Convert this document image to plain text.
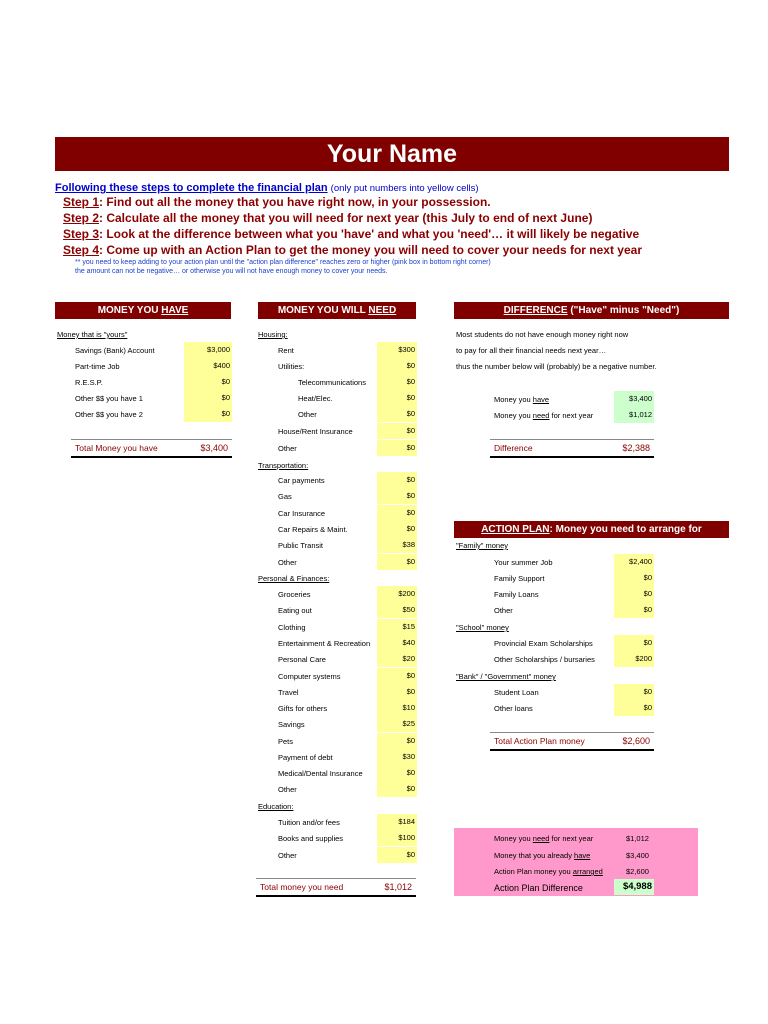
Your Name
Following these steps to complete the financial plan (only put numbers into yellow cells)
Step 1: Find out all the money that you have right now, in your possession.
Step 2: Calculate all the money that you will need for next year (this July to end of next June)
Step 3: Look at the difference between what you 'have' and what you 'need'… it will likely be negative
Step 4: Come up with an Action Plan to get the money you will need to cover your needs for next year
** you need to keep adding to your action plan until the "action plan difference" reaches zero or higher (pink box in bottom right corner)
the amount can not be negative… or otherwise you will not have enough money to cover your needs.
MONEY YOU HAVE
Money that is "yours"
Savings (Bank) Account	$3,000
Part-time Job	$400
R.E.S.P.	$0
Other $$ you have 1	$0
Other $$ you have 2	$0
Total Money you have	$3,400
MONEY YOU WILL NEED
Housing:
Rent	$300
Utilities:	$0
Telecommunications	$0
Heat/Elec.	$0
Other	$0
House/Rent Insurance	$0
Other	$0
Transportation:
Car payments	$0
Gas	$0
Car Insurance	$0
Car Repairs & Maint.	$0
Public Transit	$38
Other	$0
Personal & Finances:
Groceries	$200
Eating out	$50
Clothing	$15
Entertainment & Recreation	$40
Personal Care	$20
Computer systems	$0
Travel	$0
Gifts for others	$10
Savings	$25
Pets	$0
Payment of debt	$30
Medical/Dental Insurance	$0
Other	$0
Education:
Tuition and/or fees	$184
Books and supplies	$100
Other	$0
Total money you need	$1,012
DIFFERENCE ("Have" minus "Need")
Most students do not have enough money right now
to pay for all their financial needs next year…
thus the number below will (probably) be a negative number.
Money you have	$3,400
Money you need for next year	$1,012
Difference	$2,388
ACTION PLAN: Money you need to arrange for
"Family" money
Your summer Job	$2,400
Family Support	$0
Family Loans	$0
Other	$0
"School" money
Provincial Exam Scholarships	$0
Other Scholarships / bursaries	$200
"Bank" / "Government" money
Student Loan	$0
Other loans	$0
Total Action Plan money	$2,600
Money you need for next year	$1,012
Money that you already have	$3,400
Action Plan money you arranged	$2,600
Action Plan Difference	$4,988
